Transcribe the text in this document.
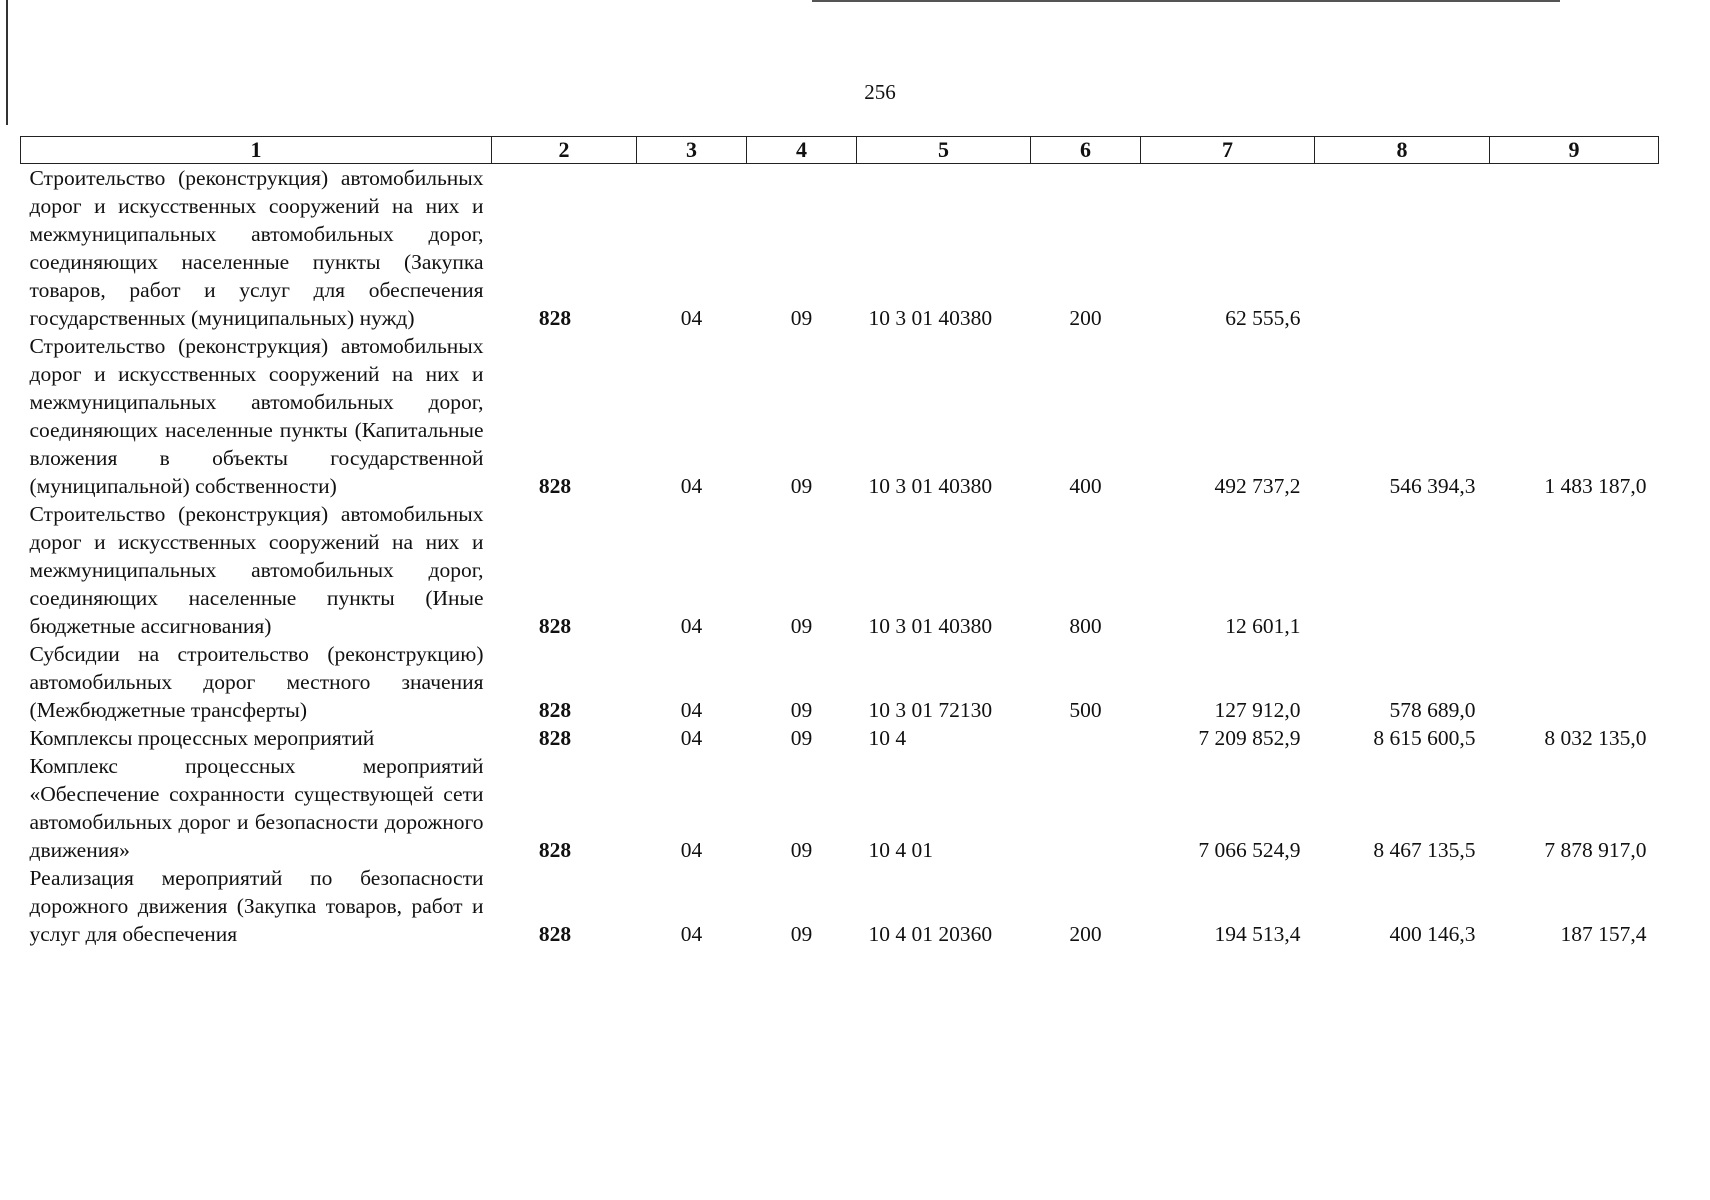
256
1	2	3	4	5	6	7	8	9
Строительство (реконструкция) автомобильных дорог и искусственных сооружений на них и межмуниципальных автомобильных дорог, соединяющих населенные пункты (Закупка товаров, работ и услуг для обеспечения государственных (муниципальных) нужд)	828	04	09	10 3 01 40380	200	62 555,6		
Строительство (реконструкция) автомобильных дорог и искусственных сооружений на них и межмуниципальных автомобильных дорог, соединяющих населенные пункты (Капитальные вложения в объекты государственной (муниципальной) собственности)	828	04	09	10 3 01 40380	400	492 737,2	546 394,3	1 483 187,0
Строительство (реконструкция) автомобильных дорог и искусственных сооружений на них и межмуниципальных автомобильных дорог, соединяющих населенные пункты (Иные бюджетные ассигнования)	828	04	09	10 3 01 40380	800	12 601,1		
Субсидии на строительство (реконструкцию) автомобильных дорог местного значения (Межбюджетные трансферты)	828	04	09	10 3 01 72130	500	127 912,0	578 689,0	
Комплексы процессных мероприятий	828	04	09	10 4		7 209 852,9	8 615 600,5	8 032 135,0
Комплекс процессных мероприятий «Обеспечение сохранности существующей сети автомобильных дорог и безопасности дорожного движения»	828	04	09	10 4 01		7 066 524,9	8 467 135,5	7 878 917,0
Реализация мероприятий по безопасности дорожного движения (Закупка товаров, работ и услуг для обеспечения	828	04	09	10 4 01 20360	200	194 513,4	400 146,3	187 157,4
